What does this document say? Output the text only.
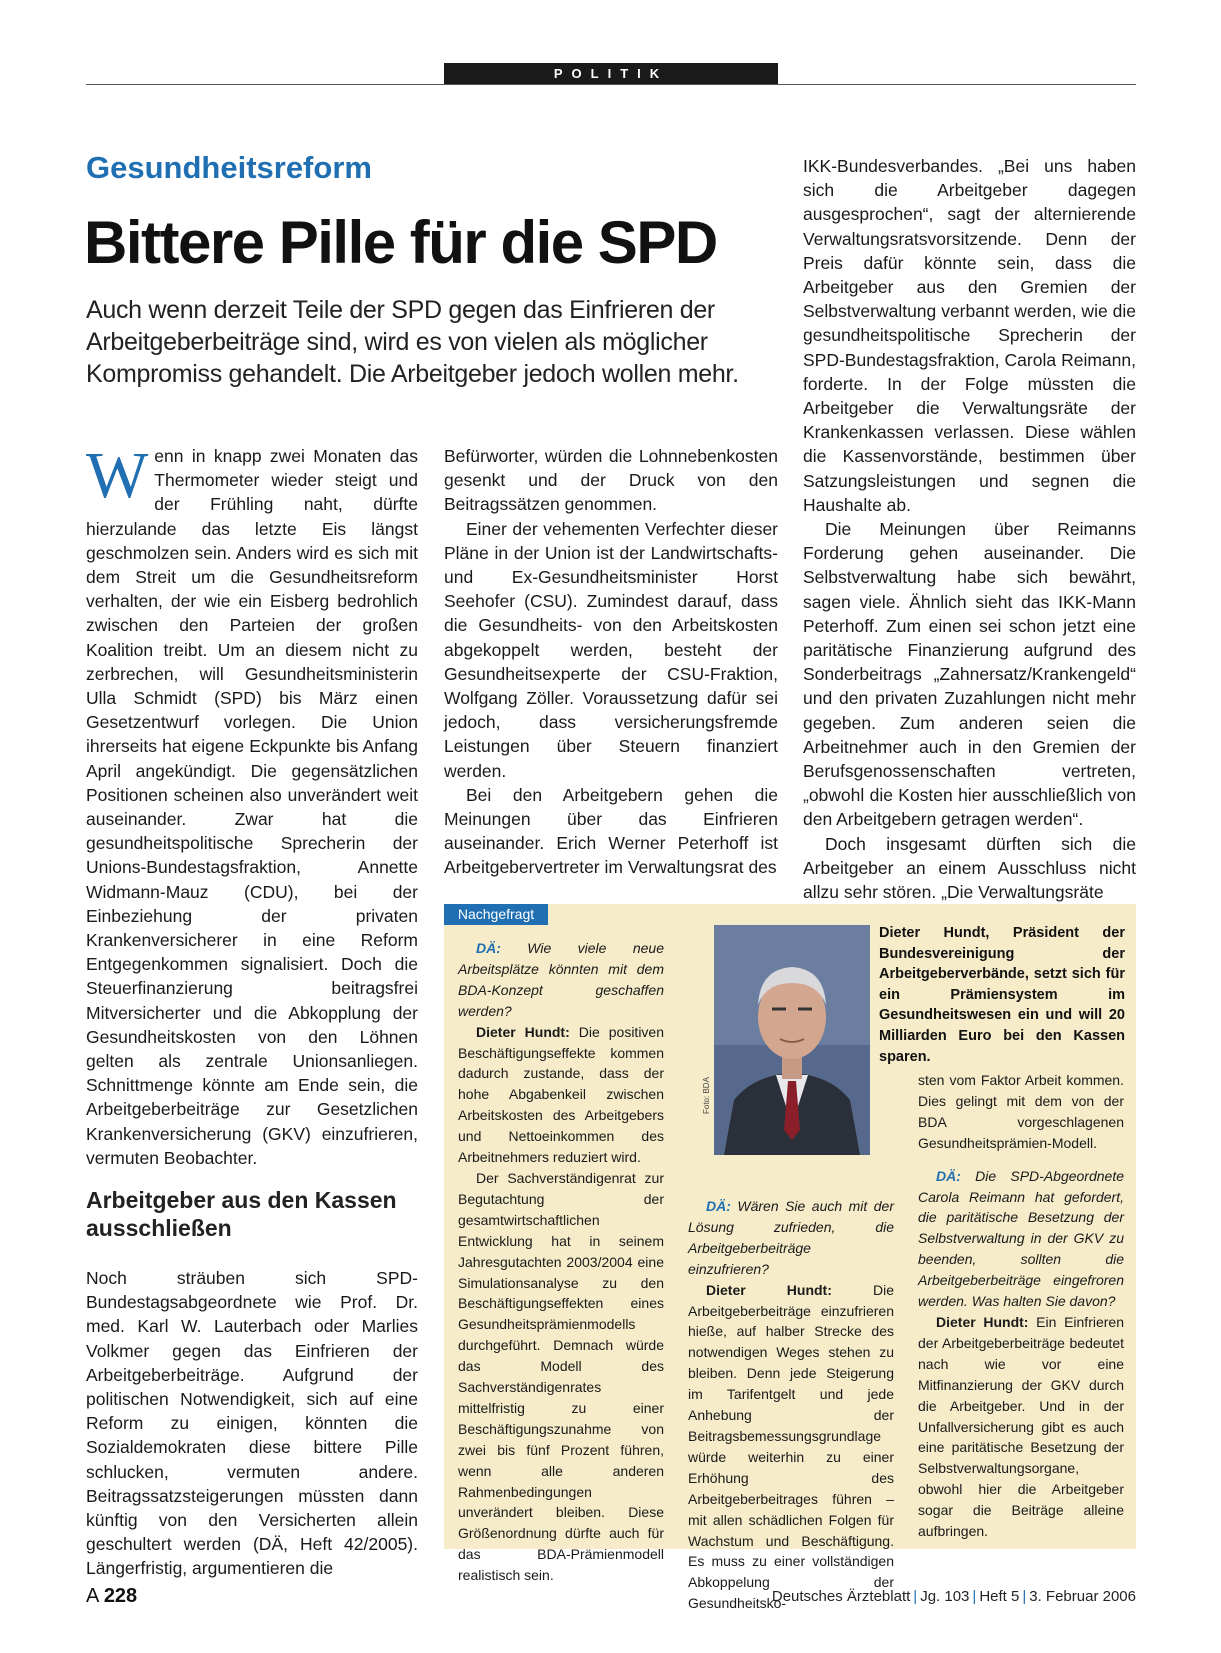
POLITIK
Gesundheitsreform
Bittere Pille für die SPD
Auch wenn derzeit Teile der SPD gegen das Einfrieren der Arbeitgeberbeiträge sind, wird es von vielen als möglicher Kompromiss gehandelt. Die Arbeitgeber jedoch wollen mehr.
W enn in knapp zwei Monaten das Thermometer wieder steigt und der Frühling naht, dürfte hierzulande das letzte Eis längst geschmolzen sein. Anders wird es sich mit dem Streit um die Gesundheitsreform verhalten, der wie ein Eisberg bedrohlich zwischen den Parteien der großen Koalition treibt. Um an diesem nicht zu zerbrechen, will Gesundheitsministerin Ulla Schmidt (SPD) bis März einen Gesetzentwurf vorlegen. Die Union ihrerseits hat eigene Eckpunkte bis Anfang April angekündigt. Die gegensätzlichen Positionen scheinen also unverändert weit auseinander. Zwar hat die gesundheitspolitische Sprecherin der Unions-Bundestagsfraktion, Annette Widmann-Mauz (CDU), bei der Einbeziehung der privaten Krankenversicherer in eine Reform Entgegenkommen signalisiert. Doch die Steuerfinanzierung beitragsfrei Mitversicherter und die Abkopplung der Gesundheitskosten von den Löhnen gelten als zentrale Unionsanliegen. Schnittmenge könnte am Ende sein, die Arbeitgeberbeiträge zur Gesetzlichen Krankenversicherung (GKV) einzufrieren, vermuten Beobachter.

Arbeitgeber aus den Kassen ausschließen

Noch sträuben sich SPD-Bundestagsabgeordnete wie Prof. Dr. med. Karl W. Lauterbach oder Marlies Volkmer gegen das Einfrieren der Arbeitgeberbeiträge. Aufgrund der politischen Notwendigkeit, sich auf eine Reform zu einigen, könnten die Sozialdemokraten diese bittere Pille schlucken, vermuten andere. Beitragssatzsteigerungen müssten dann künftig von den Versicherten allein geschultert werden (DÄ, Heft 42/2005). Längerfristig, argumentieren die

Befürworter, würden die Lohnnebenkosten gesenkt und der Druck von den Beitragssätzen genommen.

Einer der vehementen Verfechter dieser Pläne in der Union ist der Landwirtschafts- und Ex-Gesundheitsminister Horst Seehofer (CSU). Zumindest darauf, dass die Gesundheits- von den Arbeitskosten abgekoppelt werden, besteht der Gesundheitsexperte der CSU-Fraktion, Wolfgang Zöller. Voraussetzung dafür sei jedoch, dass versicherungsfremde Leistungen über Steuern finanziert werden.

Bei den Arbeitgebern gehen die Meinungen über das Einfrieren auseinander. Erich Werner Peterhoff ist Arbeitgebervertreter im Verwaltungsrat des

IKK-Bundesverbandes. „Bei uns haben sich die Arbeitgeber dagegen ausgesprochen“, sagt der alternierende Verwaltungsratsvorsitzende. Denn der Preis dafür könnte sein, dass die Arbeitgeber aus den Gremien der Selbstverwaltung verbannt werden, wie die gesundheitspolitische Sprecherin der SPD-Bundestagsfraktion, Carola Reimann, forderte. In der Folge müssten die Arbeitgeber die Verwaltungsräte der Krankenkassen verlassen. Diese wählen die Kassenvorstände, bestimmen über Satzungsleistungen und segnen die Haushalte ab.

Die Meinungen über Reimanns Forderung gehen auseinander. Die Selbstverwaltung habe sich bewährt, sagen viele. Ähnlich sieht das IKK-Mann Peterhoff. Zum einen sei schon jetzt eine paritätische Finanzierung aufgrund des Sonderbeitrags „Zahnersatz/Krankengeld“ und den privaten Zuzahlungen nicht mehr gegeben. Zum anderen seien die Arbeitnehmer auch in den Gremien der Berufsgenossenschaften vertreten, „obwohl die Kosten hier ausschließlich von den Arbeitgebern getragen werden“.

Doch insgesamt dürften sich die Arbeitgeber an einem Ausschluss nicht allzu sehr stören. „Die Verwaltungsräte

Nachgefragt
Foto: BDA
Dieter Hundt, Präsident der Bundesvereinigung der Arbeitgeberverbände, setzt sich für ein Prämiensystem im Gesundheitswesen ein und will 20 Milliarden Euro bei den Kassen sparen.

DÄ: Wie viele neue Arbeitsplätze könnten mit dem BDA-Konzept geschaffen werden?

Dieter Hundt: Die positiven Beschäftigungseffekte kommen dadurch zustande, dass der hohe Abgabenkeil zwischen Arbeitskosten des Arbeitgebers und Nettoeinkommen des Arbeitnehmers reduziert wird.

Der Sachverständigenrat zur Begutachtung der gesamtwirtschaftlichen Entwicklung hat in seinem Jahresgutachten 2003/2004 eine Simulationsanalyse zu den Beschäftigungseffekten eines Gesundheitsprämienmodells durchgeführt. Demnach würde das Modell des Sachverständigenrates mittelfristig zu einer Beschäftigungszunahme von zwei bis fünf Prozent führen, wenn alle anderen Rahmenbedingungen unverändert bleiben. Diese Größenordnung dürfte auch für das BDA-Prämienmodell realistisch sein.

DÄ: Wären Sie auch mit der Lösung zufrieden, die Arbeitgeberbeiträge einzufrieren?

Dieter Hundt:	Die Arbeitgeberbeiträge einzufrieren hieße, auf halber Strecke des notwendigen Weges stehen zu bleiben. Denn jede Steigerung im Tarifentgelt und jede Anhebung der Beitragsbemessungsgrundlage würde weiterhin zu einer Erhöhung des Arbeitgeberbeitrages führen – mit allen schädlichen Folgen für Wachstum und Beschäftigung. Es muss zu einer vollständigen Abkoppelung der Gesundheitsko-

sten vom Faktor Arbeit kommen. Dies gelingt mit dem von der BDA vorgeschlagenen Gesundheitsprämien-Modell.

DÄ: Die SPD-Abgeordnete Carola Reimann hat gefordert, die paritätische Besetzung der Selbstverwaltung in der GKV zu beenden, sollten die Arbeitgeberbeiträge eingefroren werden. Was halten Sie davon?

Dieter Hundt: Ein Einfrieren der Arbeitgeberbeiträge bedeutet nach wie vor eine Mitfinanzierung der GKV durch die Arbeitgeber. Und in der Unfallversicherung gibt es auch eine paritätische Besetzung der Selbstverwaltungsorgane, obwohl hier die Arbeitgeber sogar die Beiträge alleine aufbringen.

A 228	Deutsches Ärzteblatt | Jg. 103 | Heft 5 | 3. Februar 2006
